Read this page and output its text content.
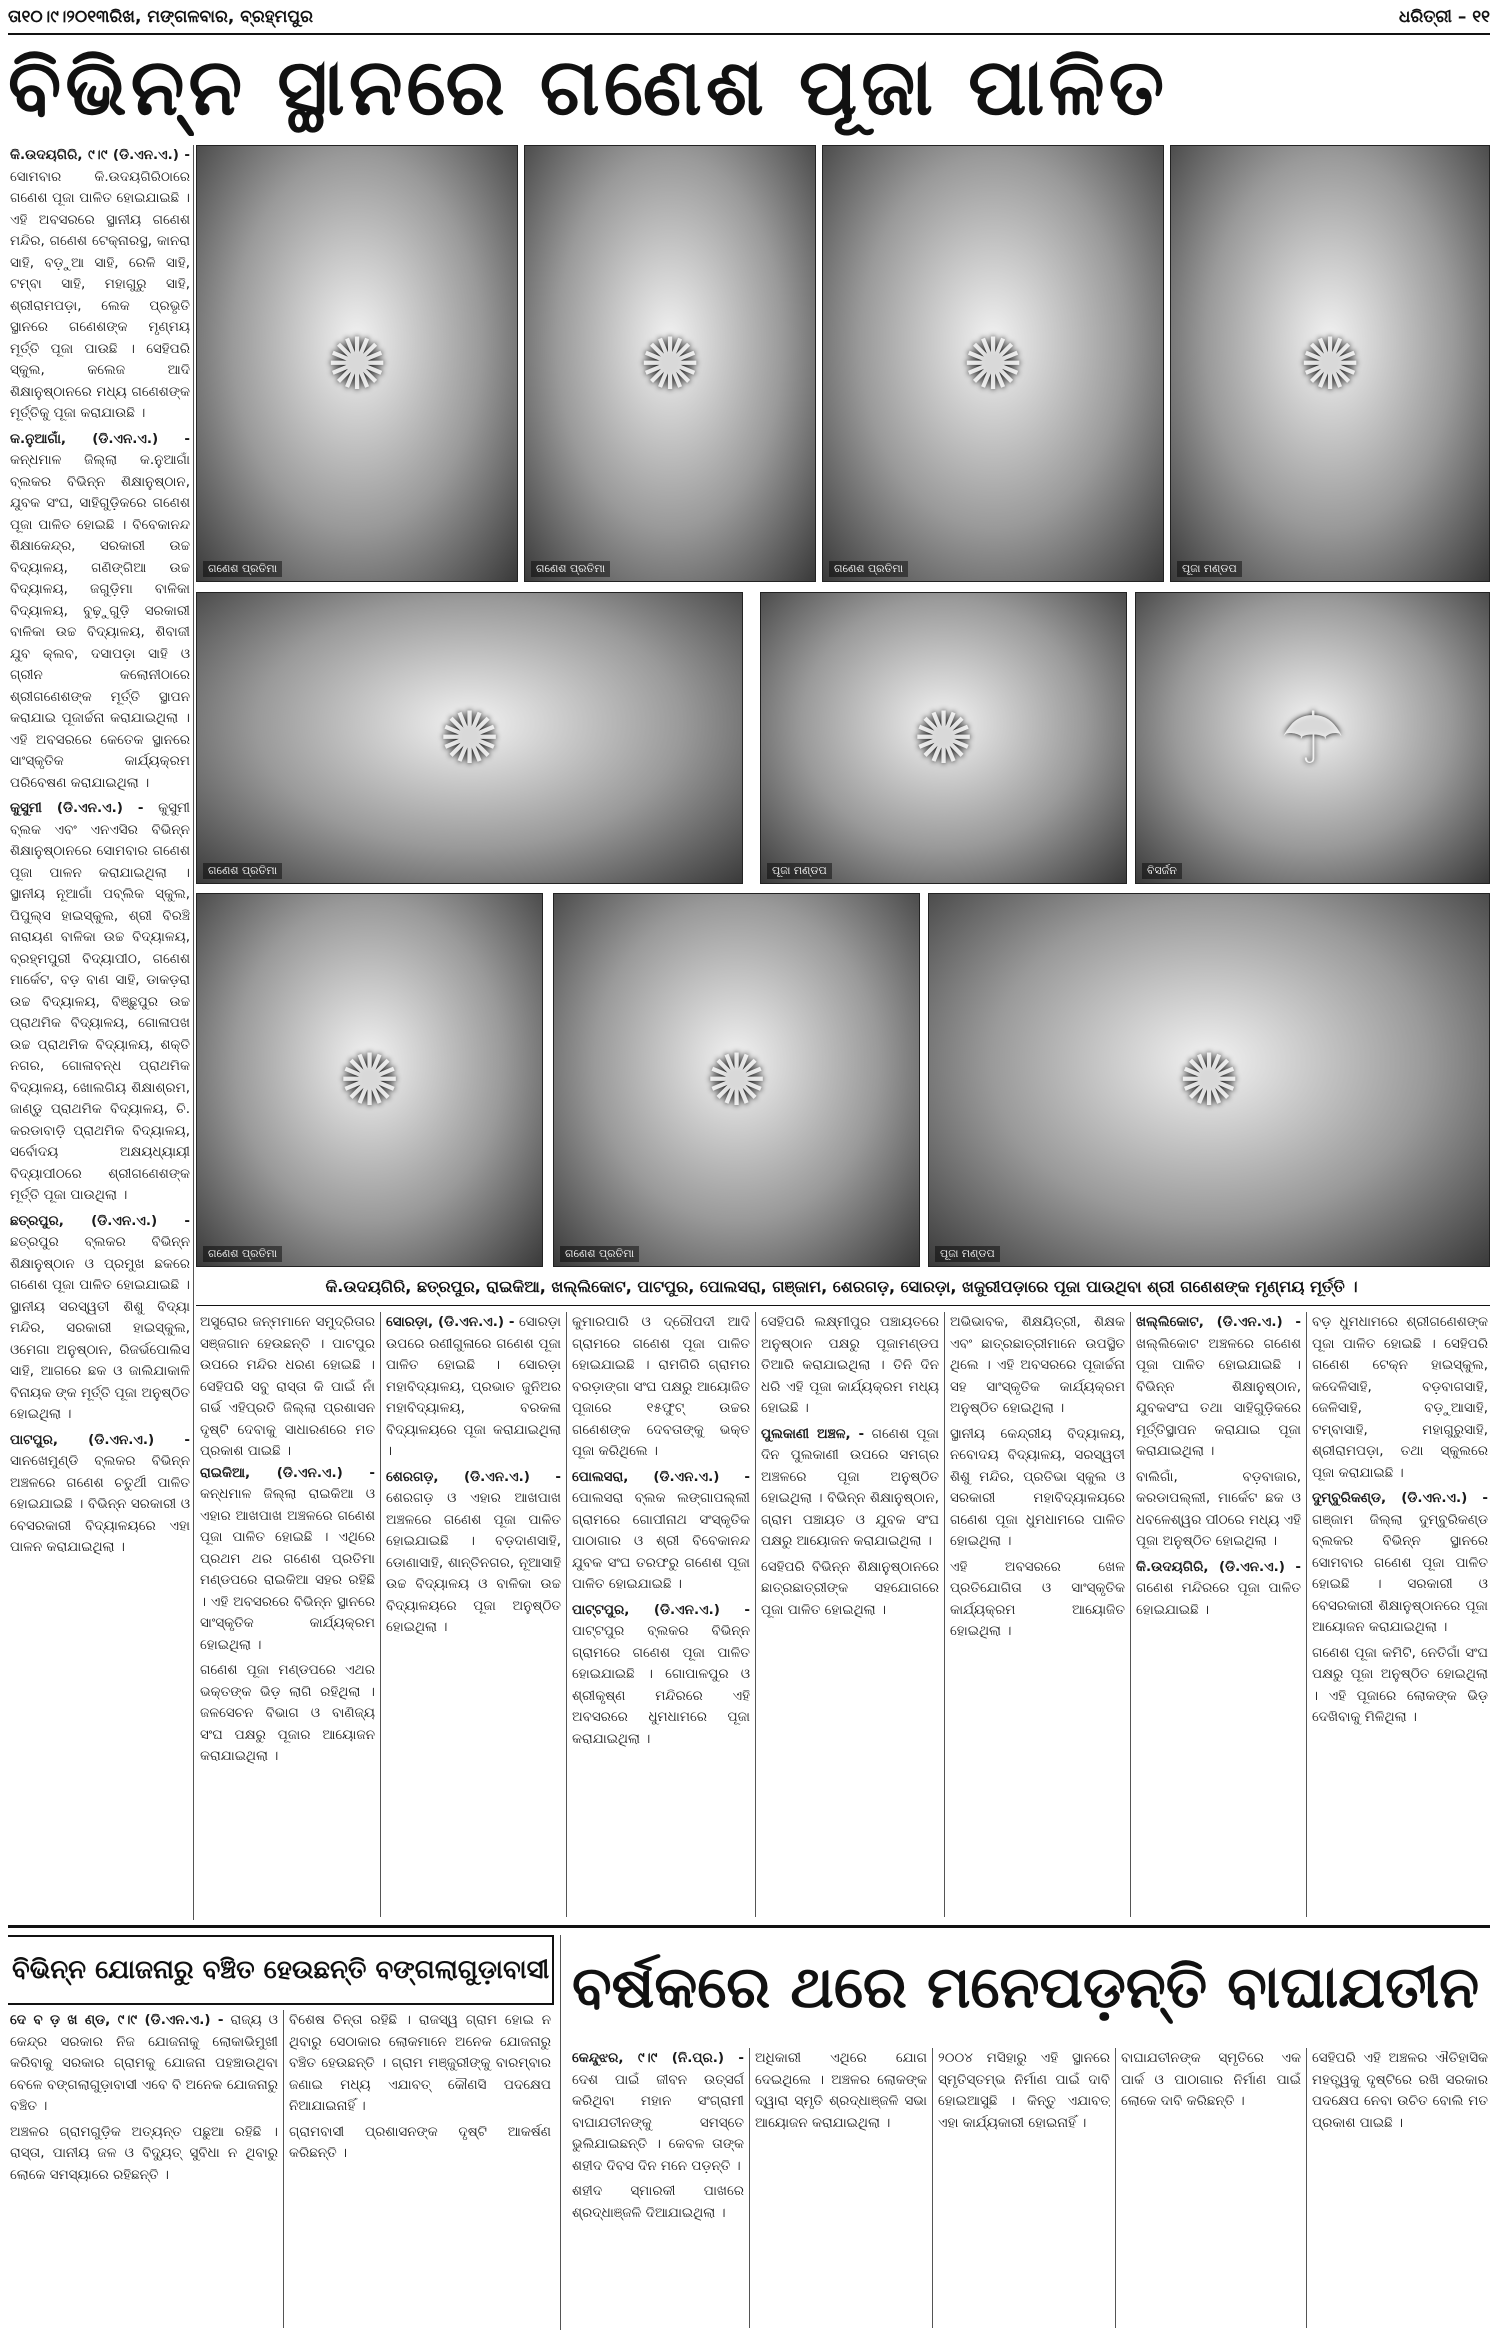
ତା୧୦।୯।୨୦୧୩ରିଖ, ମଙ୍ଗଳବାର, ବ୍ରହ୍ମପୁର	ଧରିତ୍ରୀ – ୧୧
ବିଭିନ୍ନ ସ୍ଥାନରେ ଗଣେଶ ପୂଜା ପାଳିତ

କି.ଉଦୟଗିରି, ୯।୯ (ଡି.ଏନ.ଏ.) - ସୋମବାର କି.ଉଦୟଗିରିଠାରେ ଗଣେଶ ପୂଜା ପାଳିତ ହୋଇଯାଇଛି । ଏହି ଅବସରରେ ସ୍ଥାନୀୟ ଗଣେଶ ମନ୍ଦିର, ଗଣେଶ ଟେକ୍ନାରସ୍ଥ, କାନରା ସାହି, ବଡ଼ୁଆ ସାହି, ରେଳି ସାହି, ଟମ୍ବା ସାହି, ମହାଗୁରୁ ସାହି, ଶ୍ରୀରାମପଡ଼ା, ଲେକ ପ୍ରଭୃତି ସ୍ଥାନରେ ଗଣେଶଙ୍କ ମୃଣ୍ମୟ ମୂର୍ତ୍ତି ପୂଜା ପାଉଛି । ସେହିପରି ସ୍କୁଲ, କଲେଜ ଆଦି ଶିକ୍ଷାନୁଷ୍ଠାନରେ ମଧ୍ୟ ଗଣେଶଙ୍କ ମୂର୍ତ୍ତିକୁ ପୂଜା କରାଯାଉଛି ।

କ.ନୁଆଗାଁ, (ଡି.ଏନ.ଏ.) - କନ୍ଧମାଳ ଜିଲ୍ଲା କ.ନୁଆଗାଁ ବ୍ଲକର ବିଭିନ୍ନ ଶିକ୍ଷାନୁଷ୍ଠାନ, ଯୁବକ ସଂଘ, ସାହିଗୁଡ଼ିକରେ ଗଣେଶ ପୂଜା ପାଳିତ ହୋଇଛି । ବିବେକାନନ୍ଦ ଶିକ୍ଷାକେନ୍ଦ୍ର, ସରକାରୀ ଉଚ୍ଚ ବିଦ୍ୟାଳୟ, ଗଣିଙ୍ଗିଆ ଉଚ୍ଚ ବିଦ୍ୟାଳୟ, ଜଗୁଡ଼ିମା ବାଳିକା ବିଦ୍ୟାଳୟ, ବୁଢ଼ୁଗୁଡ଼ି ସରକାରୀ ବାଳିକା ଉଚ୍ଚ ବିଦ୍ୟାଳୟ, ଶିବାଜୀ ଯୁବ କ୍ଲବ, ଦସାପଡ଼ା ସାହି ଓ ଗ୍ରୀନ କଲୋନୀଠାରେ ଶ୍ରୀଗଣେଶଙ୍କ ମୂର୍ତ୍ତି ସ୍ଥାପନ କରାଯାଇ ପୂଜାର୍ଚ୍ଚନା କରାଯାଇଥିଲା । ଏହି ଅବସରରେ କେତେକ ସ୍ଥାନରେ ସାଂସ୍କୃତିକ କାର୍ଯ୍ୟକ୍ରମ ପରିବେଷଣ କରାଯାଇଥିଲା ।

କୁସୁମୀ (ଡି.ଏନ.ଏ.) - କୁସୁମୀ ବ୍ଲକ ଏବଂ ଏନଏସିର ବିଭିନ୍ନ ଶିକ୍ଷାନୁଷ୍ଠାନରେ ସୋମବାର ଗଣେଶ ପୂଜା ପାଳନ କରାଯାଇଥିଲା । ସ୍ଥାନୀୟ ନୂଆଗାଁ ପବ୍ଲିକ ସ୍କୁଲ, ପିପୁଲ୍ସ ହାଇସ୍କୁଲ, ଶ୍ରୀ ବିରଞ୍ଚି ନାରାୟଣ ବାଳିକା ଉଚ୍ଚ ବିଦ୍ୟାଳୟ, ବ୍ରହ୍ମପୁରୀ ବିଦ୍ୟାପୀଠ, ଗଣେଶ ମାର୍କେଟ, ବଡ଼ ବାଣ ସାହି, ଡାକଡ଼ରା ଉଚ୍ଚ ବିଦ୍ୟାଳୟ, ବିଞ୍ଛୁପୁର ଉଚ୍ଚ ପ୍ରାଥମିକ ବିଦ୍ୟାଳୟ, ଗୋଳାପଖ ଉଚ୍ଚ ପ୍ରାଥମିକ ବିଦ୍ୟାଳୟ, ଶକ୍ତି ନଗର, ଗୋଳାବନ୍ଧ ପ୍ରାଥମିକ ବିଦ୍ୟାଳୟ, ଖୋଲଗିୟ ଶିକ୍ଷାଶ୍ରମ, ଜାଣ୍ଡୁ ପ୍ରାଥମିକ ବିଦ୍ୟାଳୟ, ଚି. କରଡାବାଡ଼ି ପ୍ରାଥମିକ ବିଦ୍ୟାଳୟ, ସର୍ବୋଦୟ ଅକ୍ଷୟଧ୍ୟାୟୀ ବିଦ୍ୟାପୀଠରେ ଶ୍ରୀଗଣେଶଙ୍କ ମୂର୍ତ୍ତି ପୂଜା ପାଉଥିଲା ।

ଛତ୍ରପୁର, (ଡି.ଏନ.ଏ.) - ଛତ୍ରପୁର ବ୍ଲକର ବିଭିନ୍ନ ଶିକ୍ଷାନୁଷ୍ଠାନ ଓ ପ୍ରମୁଖ ଛକରେ ଗଣେଶ ପୂଜା ପାଳିତ ହୋଇଯାଇଛି । ସ୍ଥାନୀୟ ସରସ୍ୱତୀ ଶିଶୁ ବିଦ୍ୟା ମନ୍ଦିର, ସରକାରୀ ହାଇସ୍କୁଲ, ଓମେଗା ଅନୁଷ୍ଠାନ, ରିଜର୍ଭପୋଲିସ ସାହି, ଆଗରେ ଛକ ଓ ଜାଲିଯାକାଳି ବିନାୟକ ଙ୍କ ମୂର୍ତ୍ତି ପୂଜା ଅନୁଷ୍ଠିତ ହୋଇଥିଲା ।

ପାଟପୁର, (ଡି.ଏନ.ଏ.) - ସାନଖେମୁଣ୍ଡି ବ୍ଲକର ବିଭିନ୍ନ ଅଞ୍ଚଳରେ ଗଣେଶ ଚତୁର୍ଥୀ ପାଳିତ ହୋଇଯାଇଛି । ବିଭିନ୍ନ ସରକାରୀ ଓ ବେସରକାରୀ ବିଦ୍ୟାଳୟରେ ଏହା ପାଳନ କରାଯାଇଥିଲା ।

✺
ଗଣେଶ ପ୍ରତିମା
✺
ଗଣେଶ ପ୍ରତିମା
✺
ଗଣେଶ ପ୍ରତିମା
✺
ପୂଜା ମଣ୍ଡପ
✺
ଗଣେଶ ପ୍ରତିମା
✺
ପୂଜା ମଣ୍ଡପ
☂
ବିସର୍ଜନ
✺
ଗଣେଶ ପ୍ରତିମା
✺
ଗଣେଶ ପ୍ରତିମା
✺
ପୂଜା ମଣ୍ଡପ
କି.ଉଦୟଗିରି, ଛତ୍ରପୁର, ରାଇକିଆ, ଖଲ୍ଲିକୋଟ, ପାଟପୁର, ପୋଲସରା, ଗଞ୍ଜାମ, ଶେରଗଡ଼, ସୋରଡ଼ା, ଖଜୁରୀପଡ଼ାରେ ପୂଜା ପାଉଥିବା ଶ୍ରୀ ଗଣେଶଙ୍କ ମୃଣ୍ମୟ ମୂର୍ତ୍ତି ।
ଅସୁରୋର ଜନ୍ମମାନେ ସମୁଦ୍ରିତାର ସଞ୍ଜଗାନ ହେଉଛନ୍ତି । ପାଟପୁର ଉପରେ ମନ୍ଦିର ଧରଣ ହୋଇଛି । ସେହିପରି ସବୁ ରାସ୍ତା କି ପାଇଁ ନାଁ ଗର୍ଭ ଏହିପ୍ରତି ଜିଲ୍ଲା ପ୍ରଶାସନ ଦୃଷ୍ଟି ଦେବାକୁ ସାଧାରଣରେ ମତ ପ୍ରକାଶ ପାଇଛି ।

ରାଇକିଆ, (ଡି.ଏନ.ଏ.) - କନ୍ଧମାଳ ଜିଲ୍ଲା ରାଇକିଆ ଓ ଏହାର ଆଖପାଖ ଅଞ୍ଚଳରେ ଗଣେଶ ପୂଜା ପାଳିତ ହୋଇଛି । ଏଥିରେ ପ୍ରଥମ ଥର ଗଣେଶ ପ୍ରତିମା ମଣ୍ଡପରେ ରାଇକିଆ ସହର ରହିଛି । ଏହି ଅବସରରେ ବିଭିନ୍ନ ସ୍ଥାନରେ ସାଂସ୍କୃତିକ କାର୍ଯ୍ୟକ୍ରମ ହୋଇଥିଲା ।

ଗଣେଶ ପୂଜା ମଣ୍ଡପରେ ଏଥର ଭକ୍ତଙ୍କ ଭିଡ଼ ଲାଗି ରହିଥିଲା । ଜଳସେଚନ ବିଭାଗ ଓ ବାଣିଜ୍ୟ ସଂଘ ପକ୍ଷରୁ ପୂଜାର ଆୟୋଜନ କରାଯାଇଥିଲା ।

ସୋରଡ଼ା, (ଡି.ଏନ.ଏ.) - ସୋରଡ଼ା ଉପରେ ରଣୀଗୁଳାରେ ଗଣେଶ ପୂଜା ପାଳିତ ହୋଇଛି । ସୋରଡ଼ା ମହାବିଦ୍ୟାଳୟ, ପ୍ରଭାତ ଜୁନିଅର ମହାବିଦ୍ୟାଳୟ, ବରକଳା ବିଦ୍ୟାଳୟରେ ପୂଜା କରାଯାଇଥିଲା ।

ଶେରଗଡ଼, (ଡି.ଏନ.ଏ.) - ଶେରଗଡ଼ ଓ ଏହାର ଆଖପାଖ ଅଞ୍ଚଳରେ ଗଣେଶ ପୂଜା ପାଳିତ ହୋଇଯାଇଛି । ବଡ଼ଦାଣସାହି, ଡୋଣାସାହି, ଶାନ୍ତିନଗର, ନୂଆସାହି ଉଚ୍ଚ ବିଦ୍ୟାଳୟ ଓ ବାଳିକା ଉଚ୍ଚ ବିଦ୍ୟାଳୟରେ ପୂଜା ଅନୁଷ୍ଠିତ ହୋଇଥିଲା ।

କୁମାରପାରି ଓ ଦ୍ରୌପଦୀ ଆଦି ଗ୍ରାମରେ ଗଣେଶ ପୂଜା ପାଳିତ ହୋଇଯାଇଛି । ରାମଗିରି ଗ୍ରାମର ବରଡ଼ାଙ୍ଗା ସଂଘ ପକ୍ଷରୁ ଆୟୋଜିତ ପୂଜାରେ ୧୫ଫୁଟ୍ ଉଚ୍ଚର ଗଣେଶଙ୍କ ଦେବତାଙ୍କୁ ଭକ୍ତ ପୂଜା କରିଥିଲେ ।

ପୋଲସରା, (ଡି.ଏନ.ଏ.) - ପୋଲସରା ବ୍ଲକ ଲଙ୍ଗାପଲ୍ଲୀ ଗ୍ରାମରେ ଗୋପୀନାଥ ସଂସ୍କୃତିକ ପାଠାଗାର ଓ ଶ୍ରୀ ବିବେକାନନ୍ଦ ଯୁବକ ସଂଘ ତରଫରୁ ଗଣେଶ ପୂଜା ପାଳିତ ହୋଇଯାଇଛି ।

ପାଟ୍ଟପୁର, (ଡି.ଏନ.ଏ.) - ପାଟ୍ଟପୁର ବ୍ଲକର ବିଭିନ୍ନ ଗ୍ରାମରେ ଗଣେଶ ପୂଜା ପାଳିତ ହୋଇଯାଇଛି । ଗୋପାଳପୁର ଓ ଶ୍ରୀକୃଷ୍ଣ ମନ୍ଦିରରେ ଏହି ଅବସରରେ ଧୁମଧାମରେ ପୂଜା କରାଯାଇଥିଲା ।

ସେହିପରି ଲକ୍ଷ୍ମୀପୁର ପଞ୍ଚାୟତରେ ଅନୁଷ୍ଠାନ ପକ୍ଷରୁ ପୂଜାମଣ୍ଡପ ତିଆରି କରାଯାଇଥିଲା । ତିନି ଦିନ ଧରି ଏହି ପୂଜା କାର୍ଯ୍ୟକ୍ରମ ମଧ୍ୟ ହୋଇଛି ।

ପୁଲକାଣୀ ଅଞ୍ଚଳ, - ଗଣେଶ ପୂଜା ଦିନ ପୁଲକାଣୀ ଉପରେ ସମଗ୍ର ଅଞ୍ଚଳରେ ପୂଜା ଅନୁଷ୍ଠିତ ହୋଇଥିଲା । ବିଭିନ୍ନ ଶିକ୍ଷାନୁଷ୍ଠାନ, ଗ୍ରାମ ପଞ୍ଚାୟତ ଓ ଯୁବକ ସଂଘ ପକ୍ଷରୁ ଆୟୋଜନ କରାଯାଇଥିଲା ।

ସେହିପରି ବିଭିନ୍ନ ଶିକ୍ଷାନୁଷ୍ଠାନରେ ଛାତ୍ରଛାତ୍ରୀଙ୍କ ସହଯୋଗରେ ପୂଜା ପାଳିତ ହୋଇଥିଲା ।

ଅଭିଭାବକ, ଶିକ୍ଷୟିତ୍ରୀ, ଶିକ୍ଷକ ଏବଂ ଛାତ୍ରଛାତ୍ରୀମାନେ ଉପସ୍ଥିତ ଥିଲେ । ଏହି ଅବସରରେ ପୂଜାର୍ଚ୍ଚନା ସହ ସାଂସ୍କୃତିକ କାର୍ଯ୍ୟକ୍ରମ ଅନୁଷ୍ଠିତ ହୋଇଥିଲା ।

ସ୍ଥାନୀୟ କେନ୍ଦ୍ରୀୟ ବିଦ୍ୟାଳୟ, ନବୋଦୟ ବିଦ୍ୟାଳୟ, ସରସ୍ୱତୀ ଶିଶୁ ମନ୍ଦିର, ପ୍ରତିଭା ସ୍କୁଲ ଓ ସରକାରୀ ମହାବିଦ୍ୟାଳୟରେ ଗଣେଶ ପୂଜା ଧୁମଧାମରେ ପାଳିତ ହୋଇଥିଲା ।

ଏହି ଅବସରରେ ଖେଳ ପ୍ରତିଯୋଗିତା ଓ ସାଂସ୍କୃତିକ କାର୍ଯ୍ୟକ୍ରମ ଆୟୋଜିତ ହୋଇଥିଲା ।

ଖଲ୍ଲିକୋଟ, (ଡି.ଏନ.ଏ.) - ଖଲ୍ଲିକୋଟ ଅଞ୍ଚଳରେ ଗଣେଶ ପୂଜା ପାଳିତ ହୋଇଯାଇଛି । ବିଭିନ୍ନ ଶିକ୍ଷାନୁଷ୍ଠାନ, ଯୁବକସଂଘ ତଥା ସାହିଗୁଡ଼ିକରେ ମୂର୍ତ୍ତିସ୍ଥାପନ କରାଯାଇ ପୂଜା କରାଯାଇଥିଲା ।

ବାଲିଗାଁ, ବଡ଼ବାଜାର, କରଡାପଲ୍ଲୀ, ମାର୍କେଟ ଛକ ଓ ଧବଳେଶ୍ୱର ପୀଠରେ ମଧ୍ୟ ଏହି ପୂଜା ଅନୁଷ୍ଠିତ ହୋଇଥିଲା ।

କି.ଉଦୟଗିରି, (ଡି.ଏନ.ଏ.) - ଗଣେଶ ମନ୍ଦିରରେ ପୂଜା ପାଳିତ ହୋଇଯାଇଛି ।

ବଡ଼ ଧୁମଧାମରେ ଶ୍ରୀଗଣେଶଙ୍କ ପୂଜା ପାଳିତ ହୋଇଛି । ସେହିପରି ଗଣେଶ ଟେକ୍ନ ହାଇସ୍କୁଲ, କଦେଳିସାହି, ବଡ଼ବାଗସାହି, ଜେଳିସାହି, ବଡ଼ୁଆସାହି, ଟମ୍ବାସାହି, ମହାଗୁରୁସାହି, ଶ୍ରୀରାମପଡ଼ା, ତଥା ସ୍କୁଲରେ ପୂଜା କରାଯାଇଛି ।

ଦୁମ୍ବୁରିକଣ୍ଡ, (ଡି.ଏନ.ଏ.) - ଗଞ୍ଜାମ ଜିଲ୍ଲା ଦୁମ୍ବୁରିକଣ୍ଡ ବ୍ଲକର ବିଭିନ୍ନ ସ୍ଥାନରେ ସୋମବାର ଗଣେଶ ପୂଜା ପାଳିତ ହୋଇଛି । ସରକାରୀ ଓ ବେସରକାରୀ ଶିକ୍ଷାନୁଷ୍ଠାନରେ ପୂଜା ଆୟୋଜନ କରାଯାଇଥିଲା ।

ଗଣେଶ ପୂଜା କମିଟି, ନେତିଗାଁ ସଂଘ ପକ୍ଷରୁ ପୂଜା ଅନୁଷ୍ଠିତ ହୋଇଥିଲା । ଏହି ପୂଜାରେ ଲୋକଙ୍କ ଭିଡ଼ ଦେଖିବାକୁ ମିଳିଥିଲା ।

ବିଭିନ୍ନ ଯୋଜନାରୁ ବଞ୍ଚିତ ହେଉଛନ୍ତି ବଙ୍ଗଲାଗୁଡ଼ାବାସୀ

ଦେ ବ ଡ଼ ଖ ଣ୍ଡ, ୯।୯ (ଡି.ଏନ.ଏ.) - ରାଜ୍ୟ ଓ କେନ୍ଦ୍ର ସରକାର ନିଜ ଯୋଜନାକୁ ଲୋକାଭିମୁଖୀ କରିବାକୁ ସରକାର ଗ୍ରାମକୁ ଯୋଜନା ପହଞ୍ଚାଉଥିବା ବେଳେ ବଙ୍ଗଲାଗୁଡ଼ାବାସୀ ଏବେ ବି ଅନେକ ଯୋଜନାରୁ ବଞ୍ଚିତ ।

ଅଞ୍ଚଳର ଗ୍ରାମଗୁଡ଼ିକ ଅତ୍ୟନ୍ତ ପଛୁଆ ରହିଛି । ରାସ୍ତା, ପାନୀୟ ଜଳ ଓ ବିଦ୍ୟୁତ୍ ସୁବିଧା ନ ଥିବାରୁ ଲୋକେ ସମସ୍ୟାରେ ରହିଛନ୍ତି ।

ବିଶେଷ ଚିନ୍ତା ରହିଛି । ରାଜସ୍ୱ ଗ୍ରାମ ହୋଇ ନ ଥିବାରୁ ସେଠାକାର ଲୋକମାନେ ଅନେକ ଯୋଜନାରୁ ବଞ୍ଚିତ ହେଉଛନ୍ତି । ଗ୍ରାମ ମଞ୍ଜୁରୀଙ୍କୁ ବାରମ୍ବାର ଜଣାଇ ମଧ୍ୟ ଏଯାବତ୍ କୌଣସି ପଦକ୍ଷେପ ନିଆଯାଇନାହିଁ ।

ଗ୍ରାମବାସୀ ପ୍ରଶାସନଙ୍କ ଦୃଷ୍ଟି ଆକର୍ଷଣ କରିଛନ୍ତି ।

ବର୍ଷକରେ ଥରେ ମନେପଡ଼ନ୍ତି ବାଘାଯତୀନ

କେନ୍ଦୁଝର, ୯।୯ (ନି.ପ୍ର.) - ଦେଶ ପାଇଁ ଜୀବନ ଉତ୍ସର୍ଗ କରିଥିବା ମହାନ ସଂଗ୍ରାମୀ ବାଘାଯତୀନଙ୍କୁ ସମସ୍ତେ ଭୁଲିଯାଇଛନ୍ତି । କେବଳ ତାଙ୍କ ଶହୀଦ ଦିବସ ଦିନ ମନେ ପଡ଼ନ୍ତି ।

ଶହୀଦ ସ୍ମାରକୀ ପାଖରେ ଶ୍ରଦ୍ଧାଞ୍ଜଳି ଦିଆଯାଇଥିଲା ।

ଅଧିକାରୀ ଏଥିରେ ଯୋଗ ଦେଇଥିଲେ । ଅଞ୍ଚଳର ଲୋକଙ୍କ ଦ୍ୱାରା ସ୍ମୃତି ଶ୍ରଦ୍ଧାଞ୍ଜଳି ସଭା ଆୟୋଜନ କରାଯାଇଥିଲା ।

୨୦୦୪ ମସିହାରୁ ଏହି ସ୍ଥାନରେ ସ୍ମୃତିସ୍ତମ୍ଭ ନିର୍ମାଣ ପାଇଁ ଦାବି ହୋଇଆସୁଛି । କିନ୍ତୁ ଏଯାବତ୍ ଏହା କାର୍ଯ୍ୟକାରୀ ହୋଇନାହିଁ ।

ବାଘାଯତୀନଙ୍କ ସ୍ମୃତିରେ ଏକ ପାର୍କ ଓ ପାଠାଗାର ନିର୍ମାଣ ପାଇଁ ଲୋକେ ଦାବି କରିଛନ୍ତି ।

ସେହିପରି ଏହି ଅଞ୍ଚଳର ଐତିହାସିକ ମହତ୍ତ୍ୱକୁ ଦୃଷ୍ଟିରେ ରଖି ସରକାର ପଦକ୍ଷେପ ନେବା ଉଚିତ ବୋଲି ମତ ପ୍ରକାଶ ପାଇଛି ।
